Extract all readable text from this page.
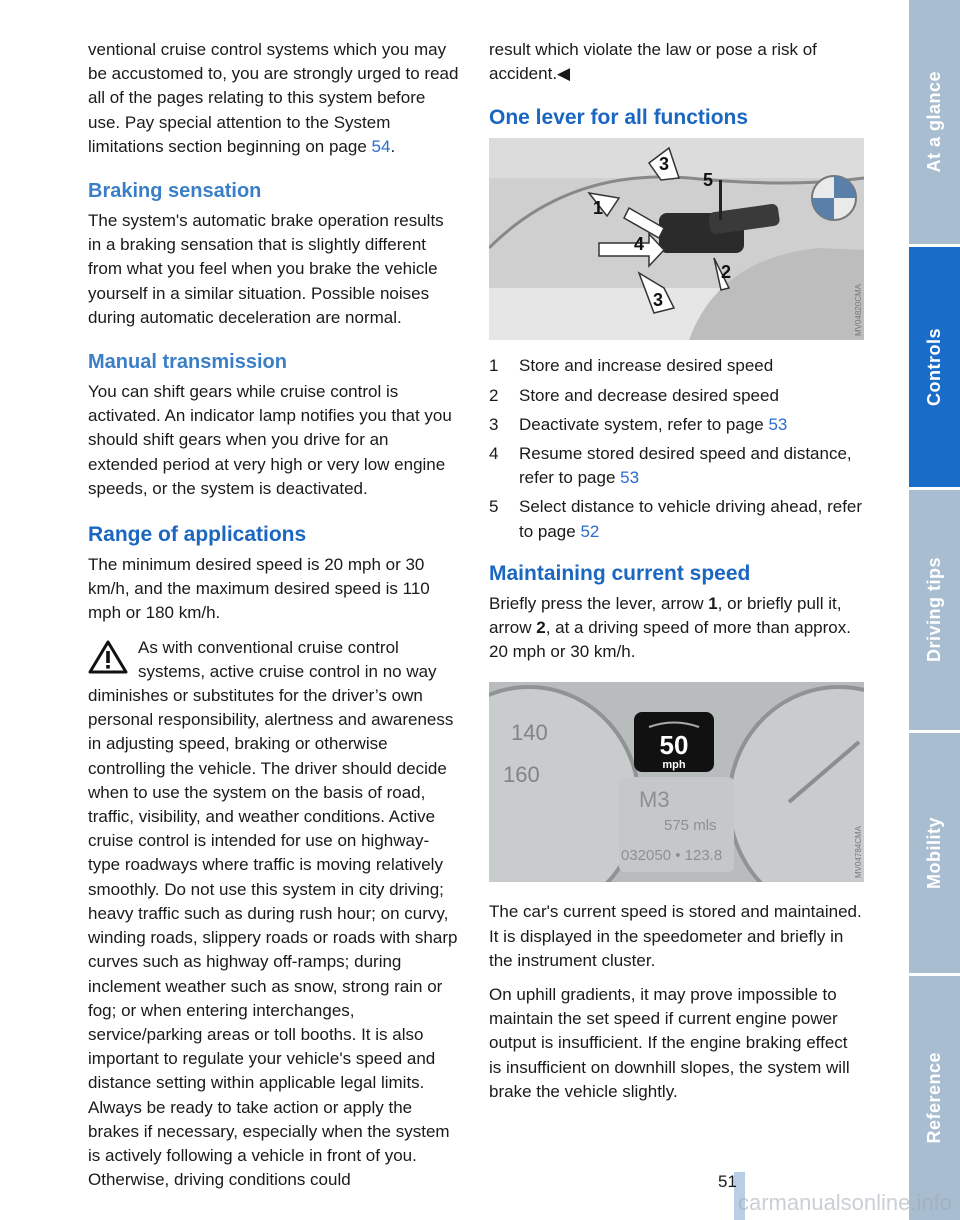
ventional cruise control systems which you may be accustomed to, you are strongly urged to read all of the pages relating to this system before use. Pay special attention to the System limitations section beginning on page 54.

Braking sensation

The system's automatic brake operation results in a braking sensation that is slightly different from what you feel when you brake the vehicle yourself in a similar situation. Possible noises during automatic deceleration are normal.

Manual transmission

You can shift gears while cruise control is activated. An indicator lamp notifies you that you should shift gears when you drive for an extended period at very high or very low engine speeds, or the system is deactivated.

Range of applications

The minimum desired speed is 20 mph or 30 km/h, and the maximum desired speed is 110 mph or 180 km/h.

As with conventional cruise control systems, active cruise control in no way diminishes or substitutes for the driver’s own personal responsibility, alertness and awareness in adjusting speed, braking or otherwise controlling the vehicle. The driver should decide when to use the system on the basis of road, traffic, visibility, and weather conditions. Active cruise control is intended for use on highway-type roadways where traffic is moving relatively smoothly. Do not use this system in city driving; heavy traffic such as during rush hour; on curvy, winding roads, slippery roads or roads with sharp curves such as highway off-ramps; during inclement weather such as snow, strong rain or fog; or when entering interchanges, service/parking areas or toll booths. It is also important to regulate your vehicle's speed and distance setting within applicable legal limits. Always be ready to take action or apply the brakes if necessary, especially when the system is actively following a vehicle in front of you. Otherwise, driving conditions could

result which violate the law or pose a risk of accident.◀

One lever for all functions
1
2
3
3
4
5
MV04820CMA
1	Store and increase desired speed
2	Store and decrease desired speed
3	Deactivate system, refer to page 53
4	Resume stored desired speed and distance, refer to page 53
5	Select distance to vehicle driving ahead, refer to page 52
Maintaining current speed

Briefly press the lever, arrow 1, or briefly pull it, arrow 2, at a driving speed of more than approx. 20 mph or 30 km/h.

140
160
50
mph
M3
575 mls
032050 • 123.8	MV04784CMA

The car's current speed is stored and maintained. It is displayed in the speedometer and briefly in the instrument cluster.

On uphill gradients, it may prove impossible to maintain the set speed if current engine power output is insufficient. If the engine braking effect is insufficient on downhill slopes, the system will brake the vehicle slightly.

At a glance
Controls
Driving tips
Mobility
Reference
51
carmanualsonline.info
